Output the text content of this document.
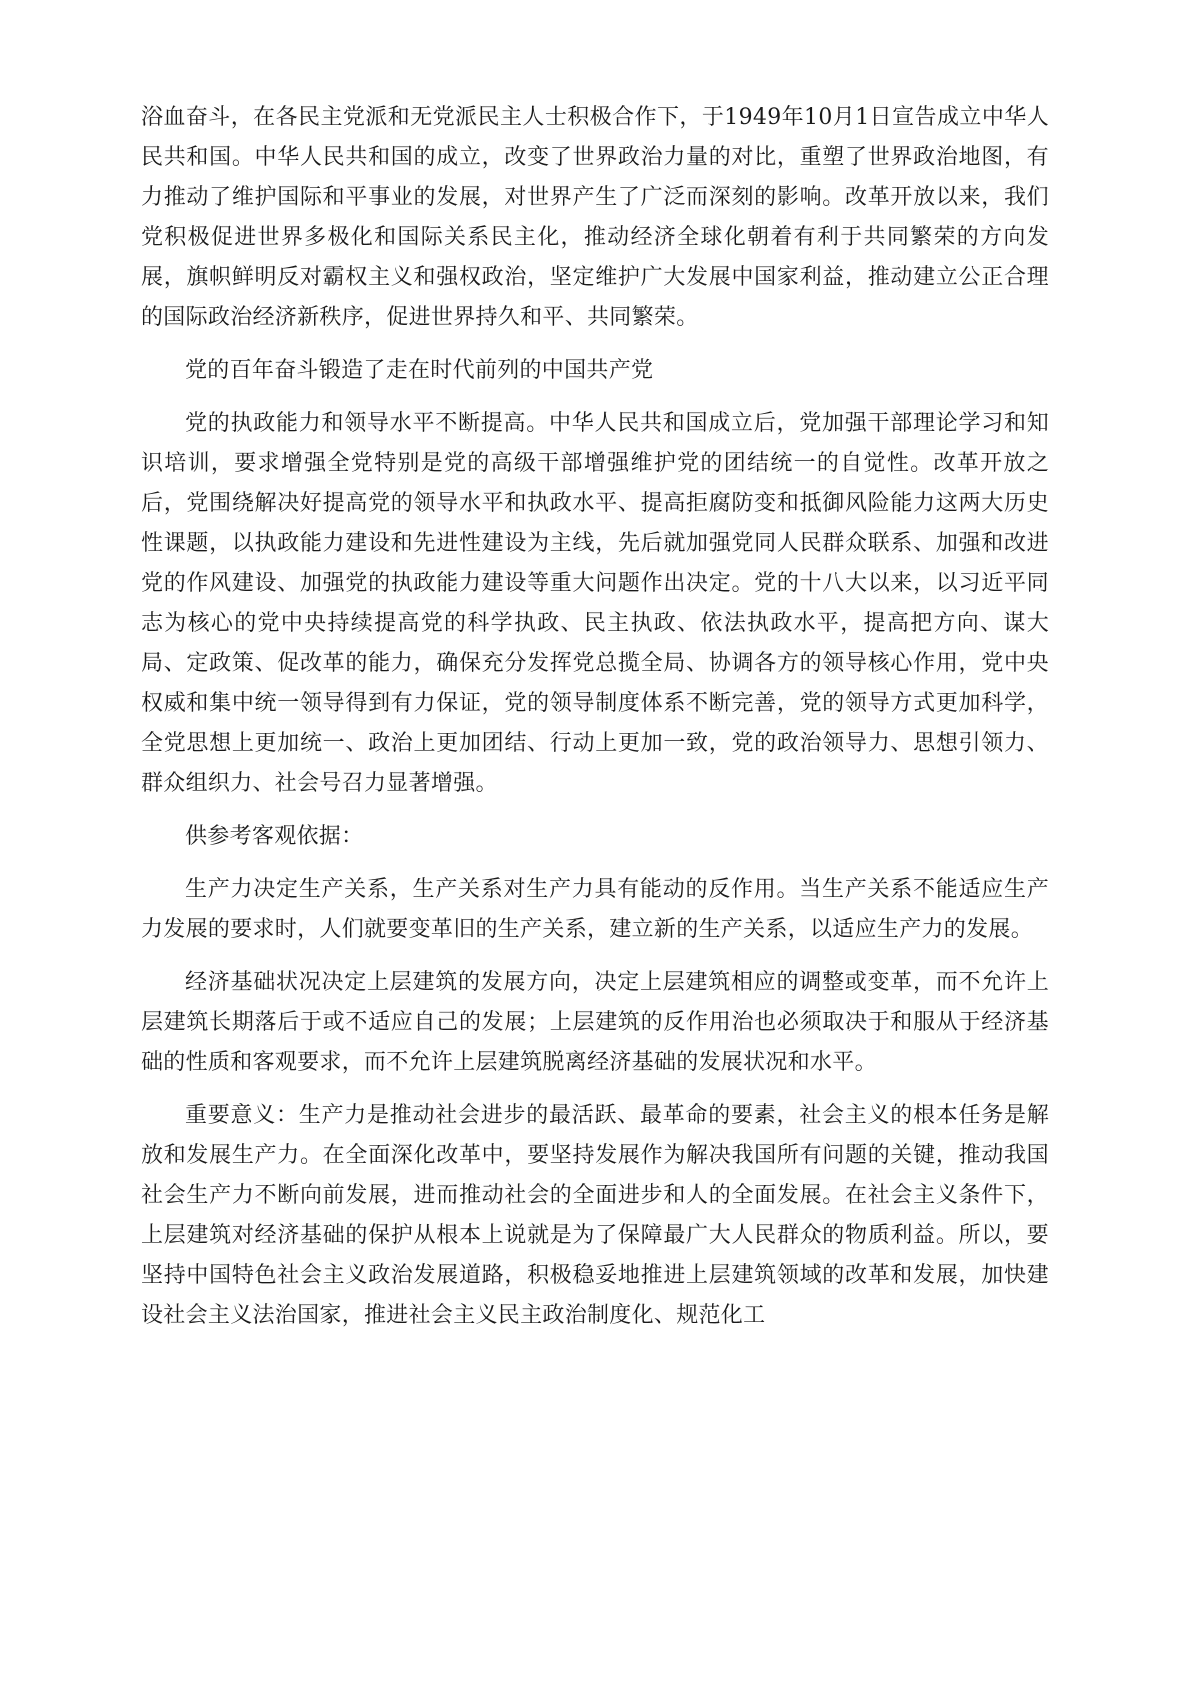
浴血奋斗，在各民主党派和无党派民主人士积极合作下，于1949年10月1日宣告成立中华人民共和国。中华人民共和国的成立，改变了世界政治力量的对比，重塑了世界政治地图，有力推动了维护国际和平事业的发展，对世界产生了广泛而深刻的影响。改革开放以来，我们党积极促进世界多极化和国际关系民主化，推动经济全球化朝着有利于共同繁荣的方向发展，旗帜鲜明反对霸权主义和强权政治，坚定维护广大发展中国家利益，推动建立公正合理的国际政治经济新秩序，促进世界持久和平、共同繁荣。

党的百年奋斗锻造了走在时代前列的中国共产党

党的执政能力和领导水平不断提高。中华人民共和国成立后，党加强干部理论学习和知识培训，要求增强全党特别是党的高级干部增强维护党的团结统一的自觉性。改革开放之后，党围绕解决好提高党的领导水平和执政水平、提高拒腐防变和抵御风险能力这两大历史性课题，以执政能力建设和先进性建设为主线，先后就加强党同人民群众联系、加强和改进党的作风建设、加强党的执政能力建设等重大问题作出决定。党的十八大以来，以习近平同志为核心的党中央持续提高党的科学执政、民主执政、依法执政水平，提高把方向、谋大局、定政策、促改革的能力，确保充分发挥党总揽全局、协调各方的领导核心作用，党中央权威和集中统一领导得到有力保证，党的领导制度体系不断完善，党的领导方式更加科学，全党思想上更加统一、政治上更加团结、行动上更加一致，党的政治领导力、思想引领力、群众组织力、社会号召力显著增强。

供参考客观依据：

生产力决定生产关系，生产关系对生产力具有能动的反作用。当生产关系不能适应生产力发展的要求时，人们就要变革旧的生产关系，建立新的生产关系，以适应生产力的发展。

经济基础状况决定上层建筑的发展方向，决定上层建筑相应的调整或变革，而不允许上层建筑长期落后于或不适应自己的发展；上层建筑的反作用治也必须取决于和服从于经济基础的性质和客观要求，而不允许上层建筑脱离经济基础的发展状况和水平。

重要意义：生产力是推动社会进步的最活跃、最革命的要素，社会主义的根本任务是解放和发展生产力。在全面深化改革中，要坚持发展作为解决我国所有问题的关键，推动我国社会生产力不断向前发展，进而推动社会的全面进步和人的全面发展。在社会主义条件下，上层建筑对经济基础的保护从根本上说就是为了保障最广大人民群众的物质利益。所以，要坚持中国特色社会主义政治发展道路，积极稳妥地推进上层建筑领域的改革和发展，加快建设社会主义法治国家，推进社会主义民主政治制度化、规范化工
